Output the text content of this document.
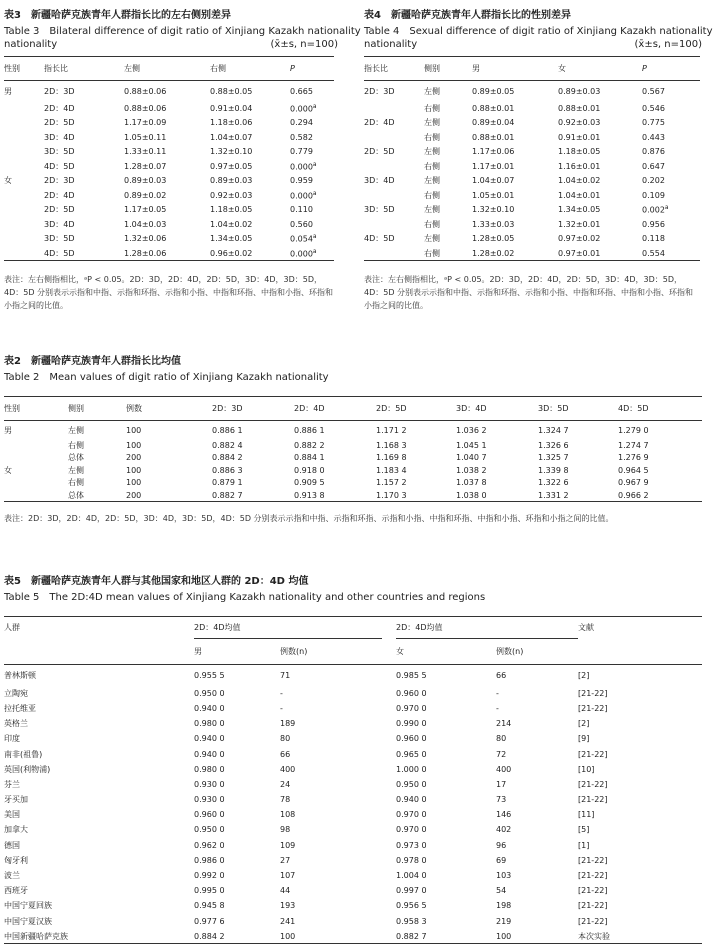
表3　新疆哈萨克族青年人群指长比的左右侧别差异
Table 3　Bilateral difference of digit ratio of Xinjiang Kazakh nationality
nationality	(x̄±s, n=100)
性别	指长比	左侧	右侧	P
男	2D：3D	0.88±0.06	0.88±0.05	0.665
	2D：4D	0.88±0.06	0.91±0.04	0.000$^a$
	2D：5D	1.17±0.09	1.18±0.06	0.294
	3D：4D	1.05±0.11	1.04±0.07	0.582
	3D：5D	1.33±0.11	1.32±0.10	0.779
	4D：5D	1.28±0.07	0.97±0.05	0.000$^a$
女	2D：3D	0.89±0.03	0.89±0.03	0.959
	2D：4D	0.89±0.02	0.92±0.03	0.000$^a$
	2D：5D	1.17±0.05	1.18±0.05	0.110
	3D：4D	1.04±0.03	1.04±0.02	0.560
	3D：5D	1.32±0.06	1.34±0.05	0.054$^a$
	4D：5D	1.28±0.06	0.96±0.02	0.000$^a$
表注：左右侧指相比，ᵃP < 0.05。2D：3D，2D：4D，2D：5D，3D：4D，3D：5D，4D：5D 分别表示示指和中指、示指和环指、示指和小指、中指和环指、中指和小指、环指和小指之间的比值。
表4　新疆哈萨克族青年人群指长比的性别差异
Table 4　Sexual difference of digit ratio of Xinjiang Kazakh nationality
nationality	(x̄±s, n=100)
指长比	侧别	男	女	P
2D：3D	左侧	0.89±0.05	0.89±0.03	0.567
	右侧	0.88±0.01	0.88±0.01	0.546
2D：4D	左侧	0.89±0.04	0.92±0.03	0.775
	右侧	0.88±0.01	0.91±0.01	0.443
2D：5D	左侧	1.17±0.06	1.18±0.05	0.876
	右侧	1.17±0.01	1.16±0.01	0.647
3D：4D	左侧	1.04±0.07	1.04±0.02	0.202
	右侧	1.05±0.01	1.04±0.01	0.109
3D：5D	左侧	1.32±0.10	1.34±0.05	0.002$^a$
	右侧	1.33±0.03	1.32±0.01	0.956
4D：5D	左侧	1.28±0.05	0.97±0.02	0.118
	右侧	1.28±0.02	0.97±0.01	0.554
表注：左右侧指相比，ᵃP < 0.05。2D：3D，2D：4D，2D：5D，3D：4D，3D：5D，4D：5D 分别表示示指和中指、示指和环指、示指和小指、中指和环指、中指和小指、环指和小指之间的比值。
表2　新疆哈萨克族青年人群指长比均值
Table 2　Mean values of digit ratio of Xinjiang Kazakh nationality
性别	侧别	例数	2D：3D	2D：4D	2D：5D	3D：4D	3D：5D	4D：5D
男	左侧	100	0.886 1	0.886 1	1.171 2	1.036 2	1.324 7	1.279 0
	右侧	100	0.882 4	0.882 2	1.168 3	1.045 1	1.326 6	1.274 7
	总体	200	0.884 2	0.884 1	1.169 8	1.040 7	1.325 7	1.276 9
女	左侧	100	0.886 3	0.918 0	1.183 4	1.038 2	1.339 8	0.964 5
	右侧	100	0.879 1	0.909 5	1.157 2	1.037 8	1.322 6	0.967 9
	总体	200	0.882 7	0.913 8	1.170 3	1.038 0	1.331 2	0.966 2
表注：2D：3D，2D：4D，2D：5D，3D：4D，3D：5D，4D：5D 分别表示示指和中指、示指和环指、示指和小指、中指和环指、中指和小指、环指和小指之间的比值。
表5　新疆哈萨克族青年人群与其他国家和地区人群的 2D：4D 均值
Table 5　The 2D:4D mean values of Xinjiang Kazakh nationality and other countries and regions
人群	2D：4D均值			2D：4D均值		文献
	男	例数(n)		女	例数(n)	
普林斯顿	0.955 5	71		0.985 5	66	[2]
立陶宛	0.950 0	-		0.960 0	-	[21-22]
拉托维亚	0.940 0	-		0.970 0	-	[21-22]
英格兰	0.980 0	189		0.990 0	214	[2]
印度	0.940 0	80		0.960 0	80	[9]
南非(祖鲁)	0.940 0	66		0.965 0	72	[21-22]
英国(利物浦)	0.980 0	400		1.000 0	400	[10]
芬兰	0.930 0	24		0.950 0	17	[21-22]
牙买加	0.930 0	78		0.940 0	73	[21-22]
美国	0.960 0	108		0.970 0	146	[11]
加拿大	0.950 0	98		0.970 0	402	[5]
德国	0.962 0	109		0.973 0	96	[1]
匈牙利	0.986 0	27		0.978 0	69	[21-22]
波兰	0.992 0	107		1.004 0	103	[21-22]
西班牙	0.995 0	44		0.997 0	54	[21-22]
中国宁夏回族	0.945 8	193		0.956 5	198	[21-22]
中国宁夏汉族	0.977 6	241		0.958 3	219	[21-22]
中国新疆哈萨克族	0.884 2	100		0.882 7	100	本次实验
